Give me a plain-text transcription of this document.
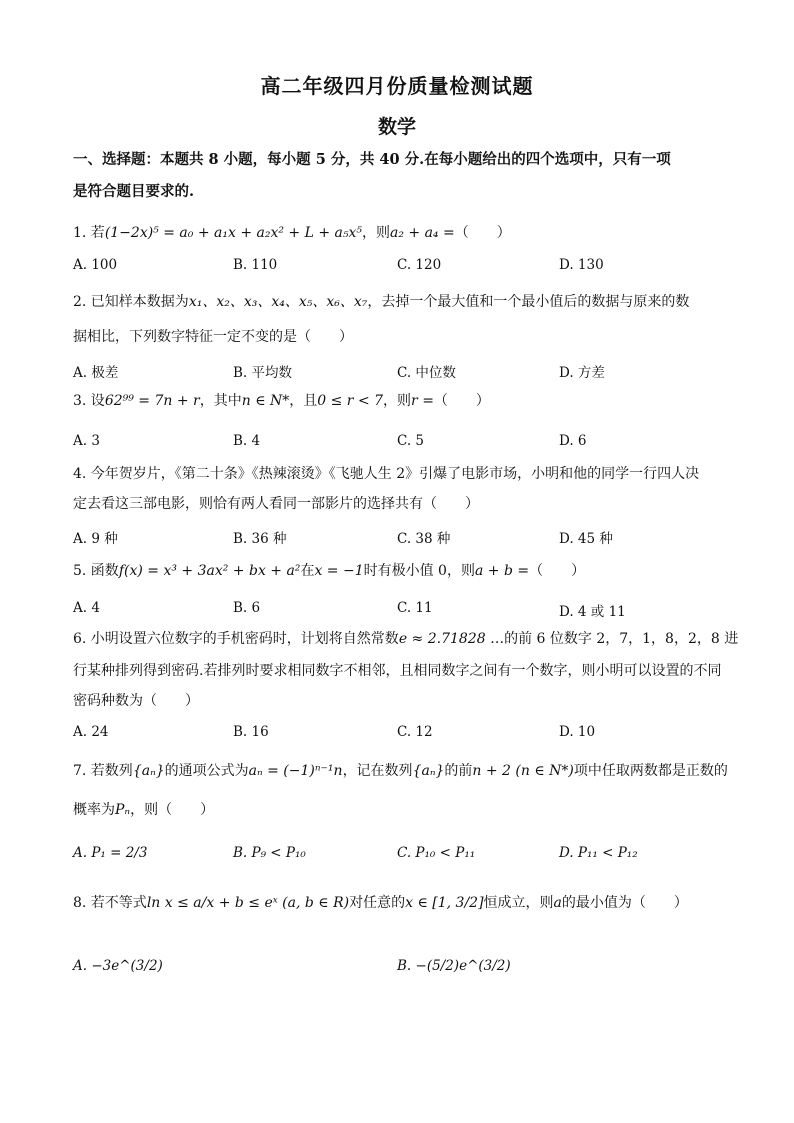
高二年级四月份质量检测试题
数学
一、选择题：本题共 8 小题，每小题 5 分，共 40 分.在每小题给出的四个选项中，只有一项
是符合题目要求的.
1. 若(1−2x)⁵ = a₀ + a₁x + a₂x² + L + a₅x⁵，则a₂ + a₄ =（　　）
A. 100	B. 110	C. 120	D. 130
2. 已知样本数据为x₁、x₂、x₃、x₄、x₅、x₆、x₇，去掉一个最大值和一个最小值后的数据与原来的数
据相比，下列数字特征一定不变的是（　　）
A. 极差	B. 平均数	C. 中位数	D. 方差
3. 设62⁹⁹ = 7n + r，其中n ∈ N*，且0 ≤ r < 7，则r =（　　）
A. 3	B. 4	C. 5	D. 6
4. 今年贺岁片，《第二十条》《热辣滚烫》《飞驰人生 2》引爆了电影市场，小明和他的同学一行四人决
定去看这三部电影，则恰有两人看同一部影片的选择共有（　　）
A. 9 种	B. 36 种	C. 38 种	D. 45 种
5. 函数f(x) = x³ + 3ax² + bx + a²在x = −1时有极小值 0，则a + b =（　　）
A. 4	B. 6	C. 11	D. 4 或 11
6. 小明设置六位数字的手机密码时，计划将自然常数e ≈ 2.71828 …的前 6 位数字 2，7，1，8，2，8 进
行某种排列得到密码.若排列时要求相同数字不相邻，且相同数字之间有一个数字，则小明可以设置的不同
密码种数为（　　）
A. 24	B. 16	C. 12	D. 10
7. 若数列{aₙ}的通项公式为aₙ = (−1)ⁿ⁻¹n，记在数列{aₙ}的前n + 2 (n ∈ N*)项中任取两数都是正数的
概率为Pₙ，则（　　）
A. P₁ = 2/3	B. P₉ < P₁₀	C. P₁₀ < P₁₁	D. P₁₁ < P₁₂
8. 若不等式ln x ≤ a/x + b ≤ eˣ (a, b ∈ R)对任意的x ∈ [1, 3/2]恒成立，则a的最小值为（　　）
A. −3e^(3/2)	B. −(5/2)e^(3/2)
